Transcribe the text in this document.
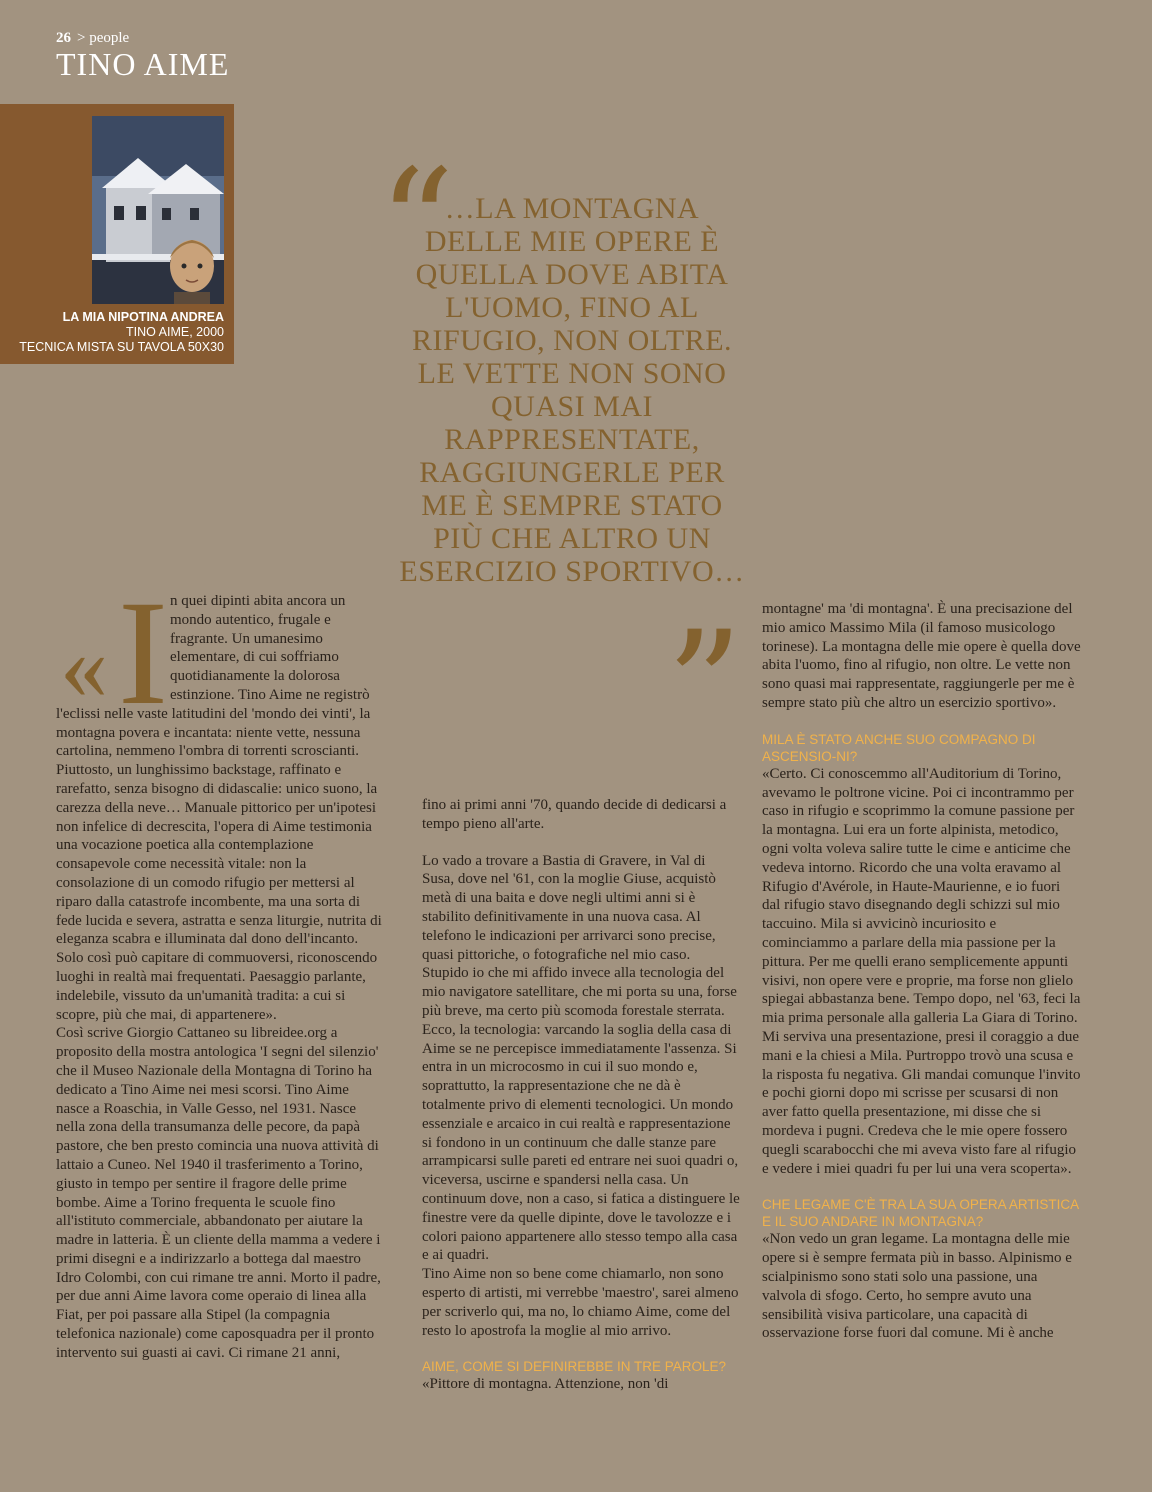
26 > people
TINO AIME
LA MIA NIPOTINA ANDREA
TINO AIME, 2000
TECNICA MISTA SU TAVOLA 50X30
“
…LA MONTAGNA DELLE MIE OPERE È QUELLA DOVE ABITA L'UOMO, FINO AL RIFUGIO, NON OLTRE. LE VETTE NON SONO QUASI MAI RAPPRESENTATE, RAGGIUNGERLE PER ME È SEMPRE STATO PIÙ CHE ALTRO UN ESERCIZIO SPORTIVO…
”
« I n quei dipinti abita ancora un mondo autentico, frugale e fragrante. Un umanesimo elementare, di cui soffriamo quotidianamente la dolorosa estinzione. Tino Aime ne registrò

l'eclissi nelle vaste latitudini del 'mondo dei vinti', la montagna povera e incantata: niente vette, nessuna cartolina, nemmeno l'ombra di torrenti scroscianti. Piuttosto, un lunghissimo backstage, raffinato e rarefatto, senza bisogno di didascalie: unico suono, la carezza della neve… Manuale pittorico per un'ipotesi non infelice di decrescita, l'opera di Aime testimonia una vocazione poetica alla contemplazione consapevole come necessità vitale: non la consolazione di un comodo rifugio per mettersi al riparo dalla catastrofe incombente, ma una sorta di fede lucida e severa, astratta e senza liturgie, nutrita di eleganza scabra e illuminata dal dono dell'incanto. Solo così può capitare di commuoversi, riconoscendo luoghi in realtà mai frequentati. Paesaggio parlante, indelebile, vissuto da un'umanità tradita: a cui si scopre, più che mai, di appartenere».

Così scrive Giorgio Cattaneo su libreidee.org a proposito della mostra antologica 'I segni del silenzio' che il Museo Nazionale della Montagna di Torino ha dedicato a Tino Aime nei mesi scorsi. Tino Aime nasce a Roaschia, in Valle Gesso, nel 1931. Nasce nella zona della transumanza delle pecore, da papà pastore, che ben presto comincia una nuova attività di lattaio a Cuneo. Nel 1940 il trasferimento a Torino, giusto in tempo per sentire il fragore delle prime bombe. Aime a Torino frequenta le scuole fino all'istituto commerciale, abbandonato per aiutare la madre in latteria. È un cliente della mamma a vedere i primi disegni e a indirizzarlo a bottega dal maestro Idro Colombi, con cui rimane tre anni. Morto il padre, per due anni Aime lavora come operaio di linea alla Fiat, per poi passare alla Stipel (la compagnia telefonica nazionale) come caposquadra per il pronto intervento sui guasti ai cavi. Ci rimane 21 anni,

fino ai primi anni '70, quando decide di dedicarsi a tempo pieno all'arte.

Lo vado a trovare a Bastia di Gravere, in Val di Susa, dove nel '61, con la moglie Giuse, acquistò metà di una baita e dove negli ultimi anni si è stabilito definitivamente in una nuova casa. Al telefono le indicazioni per arrivarci sono precise, quasi pittoriche, o fotografiche nel mio caso. Stupido io che mi affido invece alla tecnologia del mio navigatore satellitare, che mi porta su una, forse più breve, ma certo più scomoda forestale sterrata. Ecco, la tecnologia: varcando la soglia della casa di Aime se ne percepisce immediatamente l'assenza. Si entra in un microcosmo in cui il suo mondo e, soprattutto, la rappresentazione che ne dà è totalmente privo di elementi tecnologici. Un mondo essenziale e arcaico in cui realtà e rappresentazione si fondono in un continuum che dalle stanze pare arrampicarsi sulle pareti ed entrare nei suoi quadri o, viceversa, uscirne e spandersi nella casa. Un continuum dove, non a caso, si fatica a distinguere le finestre vere da quelle dipinte, dove le tavolozze e i colori paiono appartenere allo stesso tempo alla casa e ai quadri.

Tino Aime non so bene come chiamarlo, non sono esperto di artisti, mi verrebbe 'maestro', sarei almeno per scriverlo qui, ma no, lo chiamo Aime, come del resto lo apostrofa la moglie al mio arrivo.

AIME, COME SI DEFINIREBBE IN TRE PAROLE?

«Pittore di montagna. Attenzione, non 'di

montagne' ma 'di montagna'. È una precisazione del mio amico Massimo Mila (il famoso musicologo torinese). La montagna delle mie opere è quella dove abita l'uomo, fino al rifugio, non oltre. Le vette non sono quasi mai rappresentate, raggiungerle per me è sempre stato più che altro un esercizio sportivo».

MILA È STATO ANCHE SUO COMPAGNO DI ASCENSIO-NI?

«Certo. Ci conoscemmo all'Auditorium di Torino, avevamo le poltrone vicine. Poi ci incontrammo per caso in rifugio e scoprimmo la comune passione per la montagna. Lui era un forte alpinista, metodico, ogni volta voleva salire tutte le cime e anticime che vedeva intorno. Ricordo che una volta eravamo al Rifugio d'Avérole, in Haute-Maurienne, e io fuori dal rifugio stavo disegnando degli schizzi sul mio taccuino. Mila si avvicinò incuriosito e cominciammo a parlare della mia passione per la pittura. Per me quelli erano semplicemente appunti visivi, non opere vere e proprie, ma forse non glielo spiegai abbastanza bene. Tempo dopo, nel '63, feci la mia prima personale alla galleria La Giara di Torino. Mi serviva una presentazione, presi il coraggio a due mani e la chiesi a Mila. Purtroppo trovò una scusa e la risposta fu negativa. Gli mandai comunque l'invito e pochi giorni dopo mi scrisse per scusarsi di non aver fatto quella presentazione, mi disse che si mordeva i pugni. Credeva che le mie opere fossero quegli scarabocchi che mi aveva visto fare al rifugio e vedere i miei quadri fu per lui una vera scoperta».

CHE LEGAME C'È TRA LA SUA OPERA ARTISTICA E IL SUO ANDARE IN MONTAGNA?

«Non vedo un gran legame. La montagna delle mie opere si è sempre fermata più in basso. Alpinismo e scialpinismo sono stati solo una passione, una valvola di sfogo. Certo, ho sempre avuto una sensibilità visiva particolare, una capacità di osservazione forse fuori dal comune. Mi è anche
